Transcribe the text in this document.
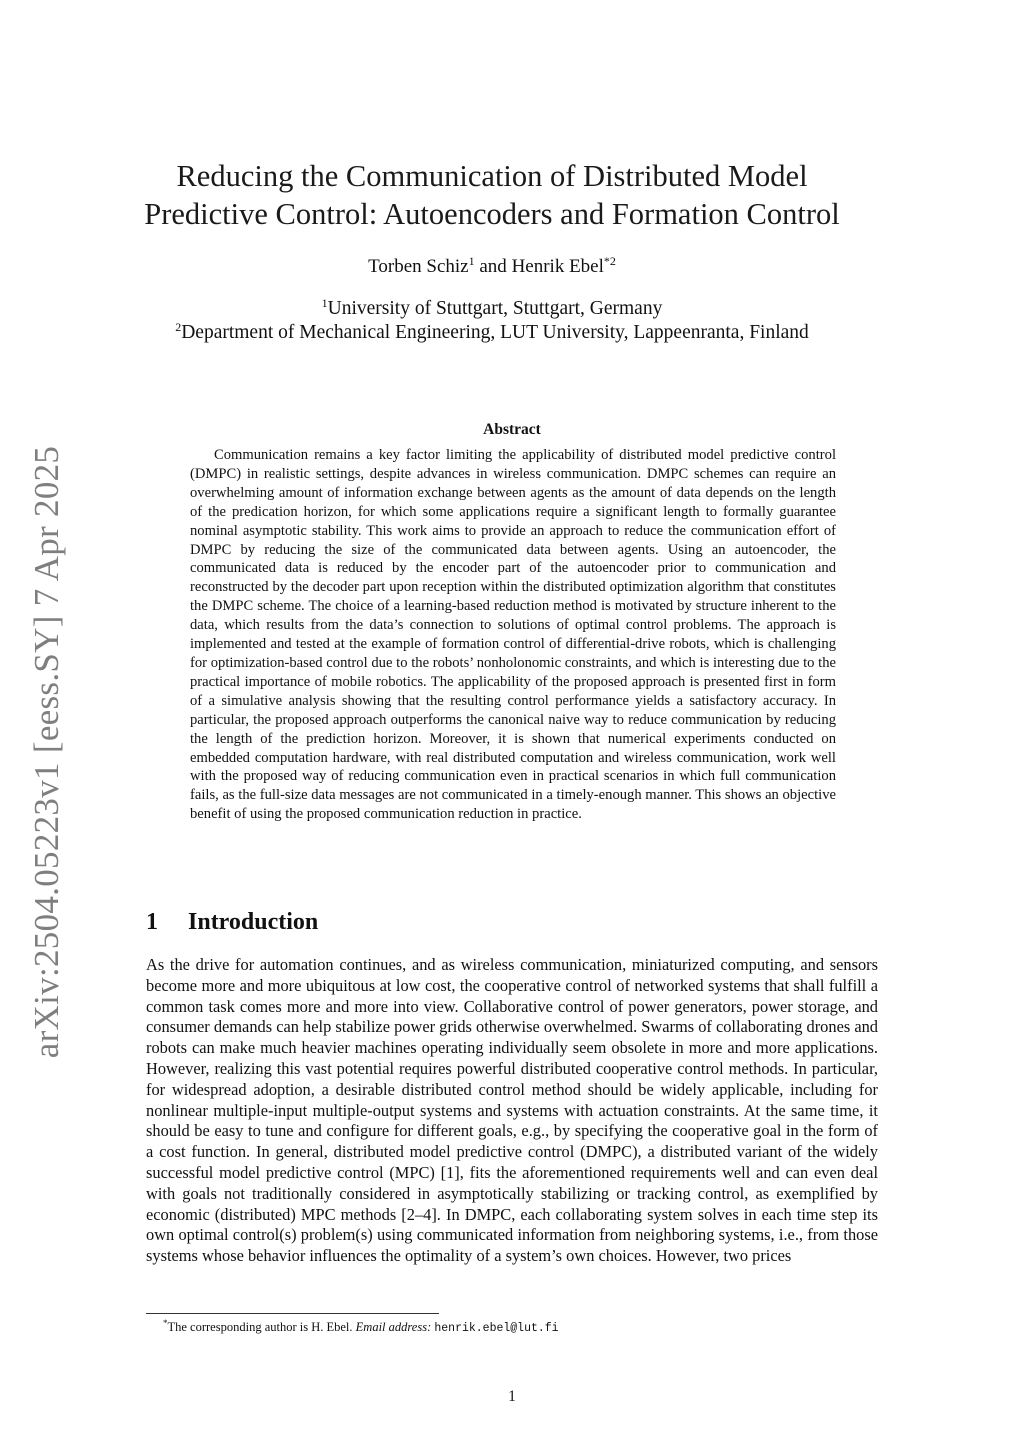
arXiv:2504.05223v1 [eess.SY] 7 Apr 2025
Reducing the Communication of Distributed Model
Predictive Control: Autoencoders and Formation Control
Torben Schiz$^1$ and Henrik Ebel$^{*2}$
$^1$University of Stuttgart, Stuttgart, Germany
$^2$Department of Mechanical Engineering, LUT University, Lappeenranta, Finland
Abstract
Communication remains a key factor limiting the applicability of distributed model predictive control (DMPC) in realistic settings, despite advances in wireless communication. DMPC schemes can require an overwhelming amount of information exchange between agents as the amount of data depends on the length of the predication horizon, for which some applications require a significant length to formally guarantee nominal asymptotic stability. This work aims to provide an approach to reduce the communication effort of DMPC by reducing the size of the communicated data between agents. Using an autoencoder, the communicated data is reduced by the encoder part of the autoencoder prior to communication and reconstructed by the decoder part upon reception within the distributed optimization algorithm that constitutes the DMPC scheme. The choice of a learning-based reduction method is motivated by structure inherent to the data, which results from the data’s connection to solutions of optimal control problems. The approach is implemented and tested at the example of formation control of differential-drive robots, which is challenging for optimization-based control due to the robots’ nonholonomic constraints, and which is interesting due to the practical importance of mobile robotics. The applicability of the proposed approach is presented first in form of a simulative analysis showing that the resulting control performance yields a satisfactory accuracy. In particular, the proposed approach outperforms the canonical naive way to reduce communication by reducing the length of the prediction horizon. Moreover, it is shown that numerical experiments conducted on embedded computation hardware, with real distributed computation and wireless communication, work well with the proposed way of reducing communication even in practical scenarios in which full communication fails, as the full-size data messages are not communicated in a timely-enough manner. This shows an objective benefit of using the proposed communication reduction in practice.
1 Introduction
As the drive for automation continues, and as wireless communication, miniaturized computing, and sensors become more and more ubiquitous at low cost, the cooperative control of networked systems that shall fulfill a common task comes more and more into view. Collaborative control of power generators, power storage, and consumer demands can help stabilize power grids otherwise overwhelmed. Swarms of collaborating drones and robots can make much heavier machines operating individually seem obsolete in more and more applications. However, realizing this vast potential requires powerful distributed cooperative control methods. In particular, for widespread adoption, a desirable distributed control method should be widely applicable, including for nonlinear multiple-input multiple-output systems and systems with actuation constraints. At the same time, it should be easy to tune and configure for different goals, e.g., by specifying the cooperative goal in the form of a cost function. In general, distributed model predictive control (DMPC), a distributed variant of the widely successful model predictive control (MPC) [1], fits the aforementioned requirements well and can even deal with goals not traditionally considered in asymptotically stabilizing or tracking control, as exemplified by economic (distributed) MPC methods [2–4]. In DMPC, each collaborating system solves in each time step its own optimal control(s) problem(s) using communicated information from neighboring systems, i.e., from those systems whose behavior influences the optimality of a system’s own choices. However, two prices
*The corresponding author is H. Ebel. Email address: henrik.ebel@lut.fi
1
